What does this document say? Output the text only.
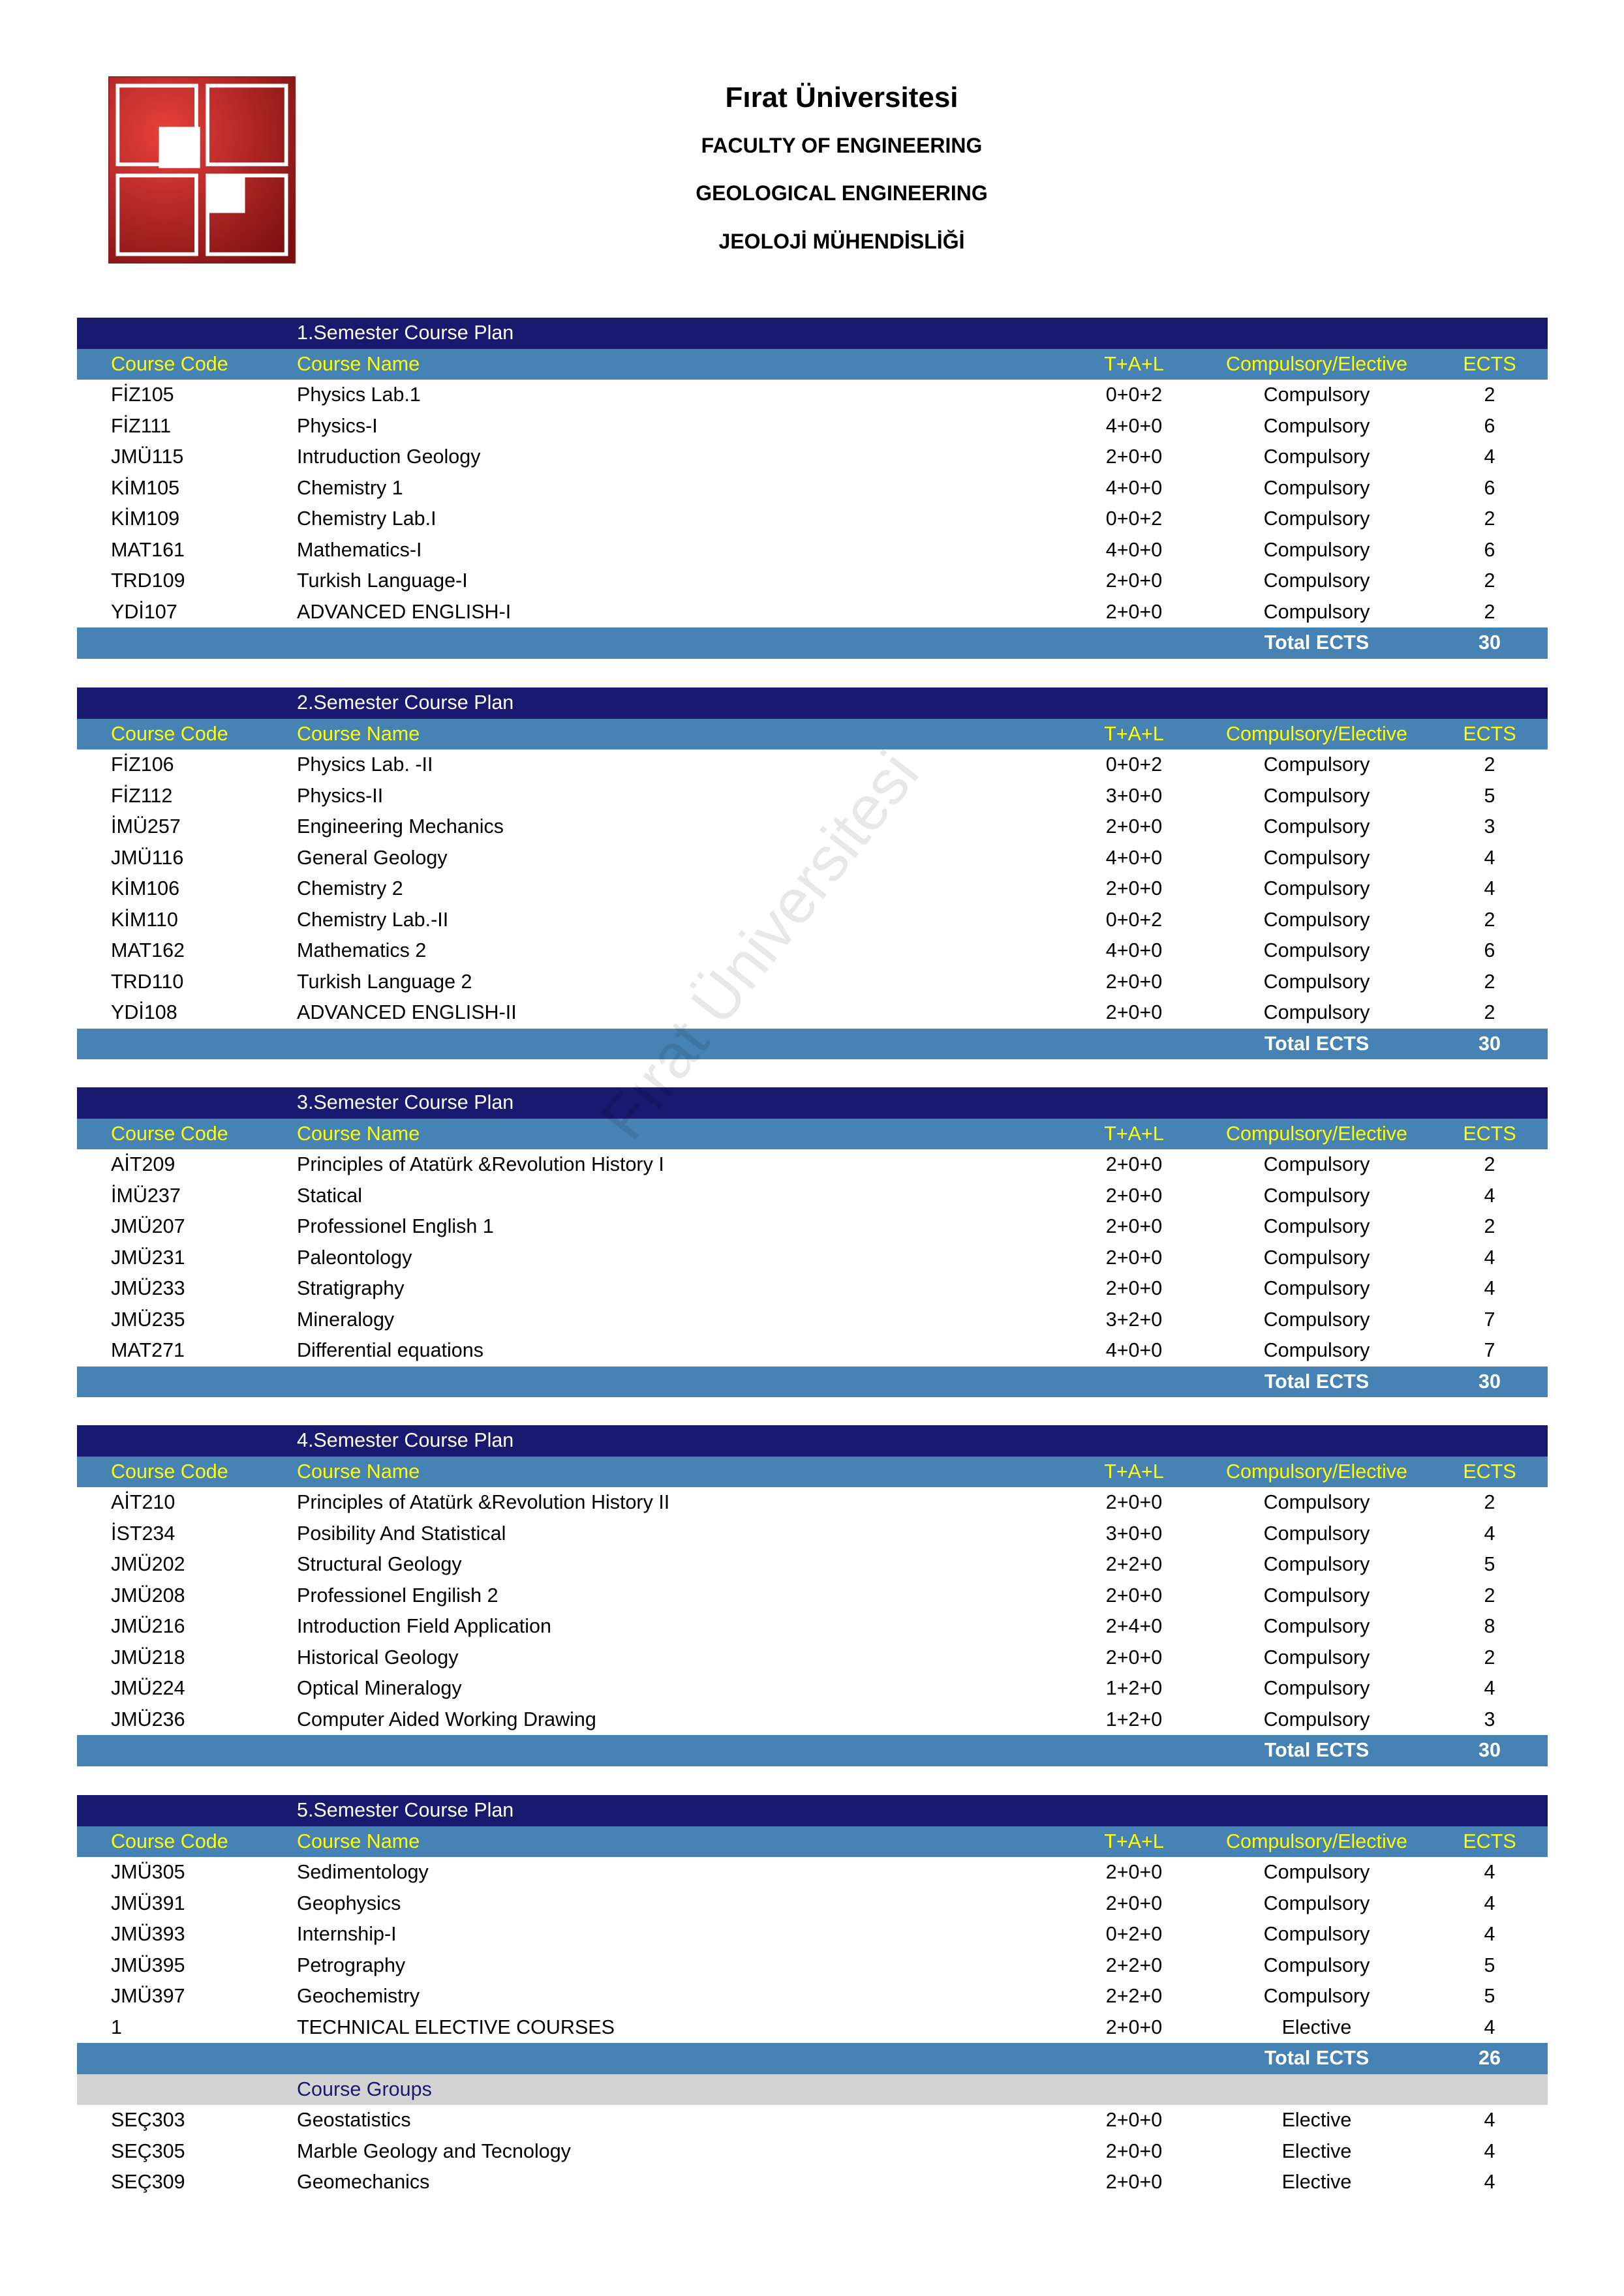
Fırat Üniversitesi
FACULTY OF ENGINEERING
GEOLOGICAL ENGINEERING
JEOLOJİ MÜHENDİSLİĞİ
1.Semester Course Plan
Course Code	Course Name	T+A+L	Compulsory/Elective	ECTS
FİZ105	Physics Lab.1	0+0+2	Compulsory	2
FİZ111	Physics-I	4+0+0	Compulsory	6
JMÜ115	Intruduction Geology	2+0+0	Compulsory	4
KİM105	Chemistry 1	4+0+0	Compulsory	6
KİM109	Chemistry Lab.I	0+0+2	Compulsory	2
MAT161	Mathematics-I	4+0+0	Compulsory	6
TRD109	Turkish Language-I	2+0+0	Compulsory	2
YDİ107	ADVANCED ENGLISH-I	2+0+0	Compulsory	2
Total ECTS	30
2.Semester Course Plan
Course Code	Course Name	T+A+L	Compulsory/Elective	ECTS
FİZ106	Physics Lab. -II	0+0+2	Compulsory	2
FİZ112	Physics-II	3+0+0	Compulsory	5
İMÜ257	Engineering Mechanics	2+0+0	Compulsory	3
JMÜ116	General Geology	4+0+0	Compulsory	4
KİM106	Chemistry 2	2+0+0	Compulsory	4
KİM110	Chemistry Lab.-II	0+0+2	Compulsory	2
MAT162	Mathematics 2	4+0+0	Compulsory	6
TRD110	Turkish Language 2	2+0+0	Compulsory	2
YDİ108	ADVANCED ENGLISH-II	2+0+0	Compulsory	2
Total ECTS	30
3.Semester Course Plan
Course Code	Course Name	T+A+L	Compulsory/Elective	ECTS
AİT209	Principles of Atatürk &Revolution History I	2+0+0	Compulsory	2
İMÜ237	Statical	2+0+0	Compulsory	4
JMÜ207	Professionel English 1	2+0+0	Compulsory	2
JMÜ231	Paleontology	2+0+0	Compulsory	4
JMÜ233	Stratigraphy	2+0+0	Compulsory	4
JMÜ235	Mineralogy	3+2+0	Compulsory	7
MAT271	Differential equations	4+0+0	Compulsory	7
Total ECTS	30
4.Semester Course Plan
Course Code	Course Name	T+A+L	Compulsory/Elective	ECTS
AİT210	Principles of Atatürk &Revolution History II	2+0+0	Compulsory	2
İST234	Posibility And Statistical	3+0+0	Compulsory	4
JMÜ202	Structural Geology	2+2+0	Compulsory	5
JMÜ208	Professionel Engilish 2	2+0+0	Compulsory	2
JMÜ216	Introduction Field Application	2+4+0	Compulsory	8
JMÜ218	Historical Geology	2+0+0	Compulsory	2
JMÜ224	Optical Mineralogy	1+2+0	Compulsory	4
JMÜ236	Computer Aided Working Drawing	1+2+0	Compulsory	3
Total ECTS	30
5.Semester Course Plan
Course Code	Course Name	T+A+L	Compulsory/Elective	ECTS
JMÜ305	Sedimentology	2+0+0	Compulsory	4
JMÜ391	Geophysics	2+0+0	Compulsory	4
JMÜ393	Internship-I	0+2+0	Compulsory	4
JMÜ395	Petrography	2+2+0	Compulsory	5
JMÜ397	Geochemistry	2+2+0	Compulsory	5
1	TECHNICAL ELECTIVE COURSES	2+0+0	Elective	4
Total ECTS	26
Course Groups
SEÇ303	Geostatistics	2+0+0	Elective	4
SEÇ305	Marble Geology and Tecnology	2+0+0	Elective	4
SEÇ309	Geomechanics	2+0+0	Elective	4
Fırat Üniversitesi
